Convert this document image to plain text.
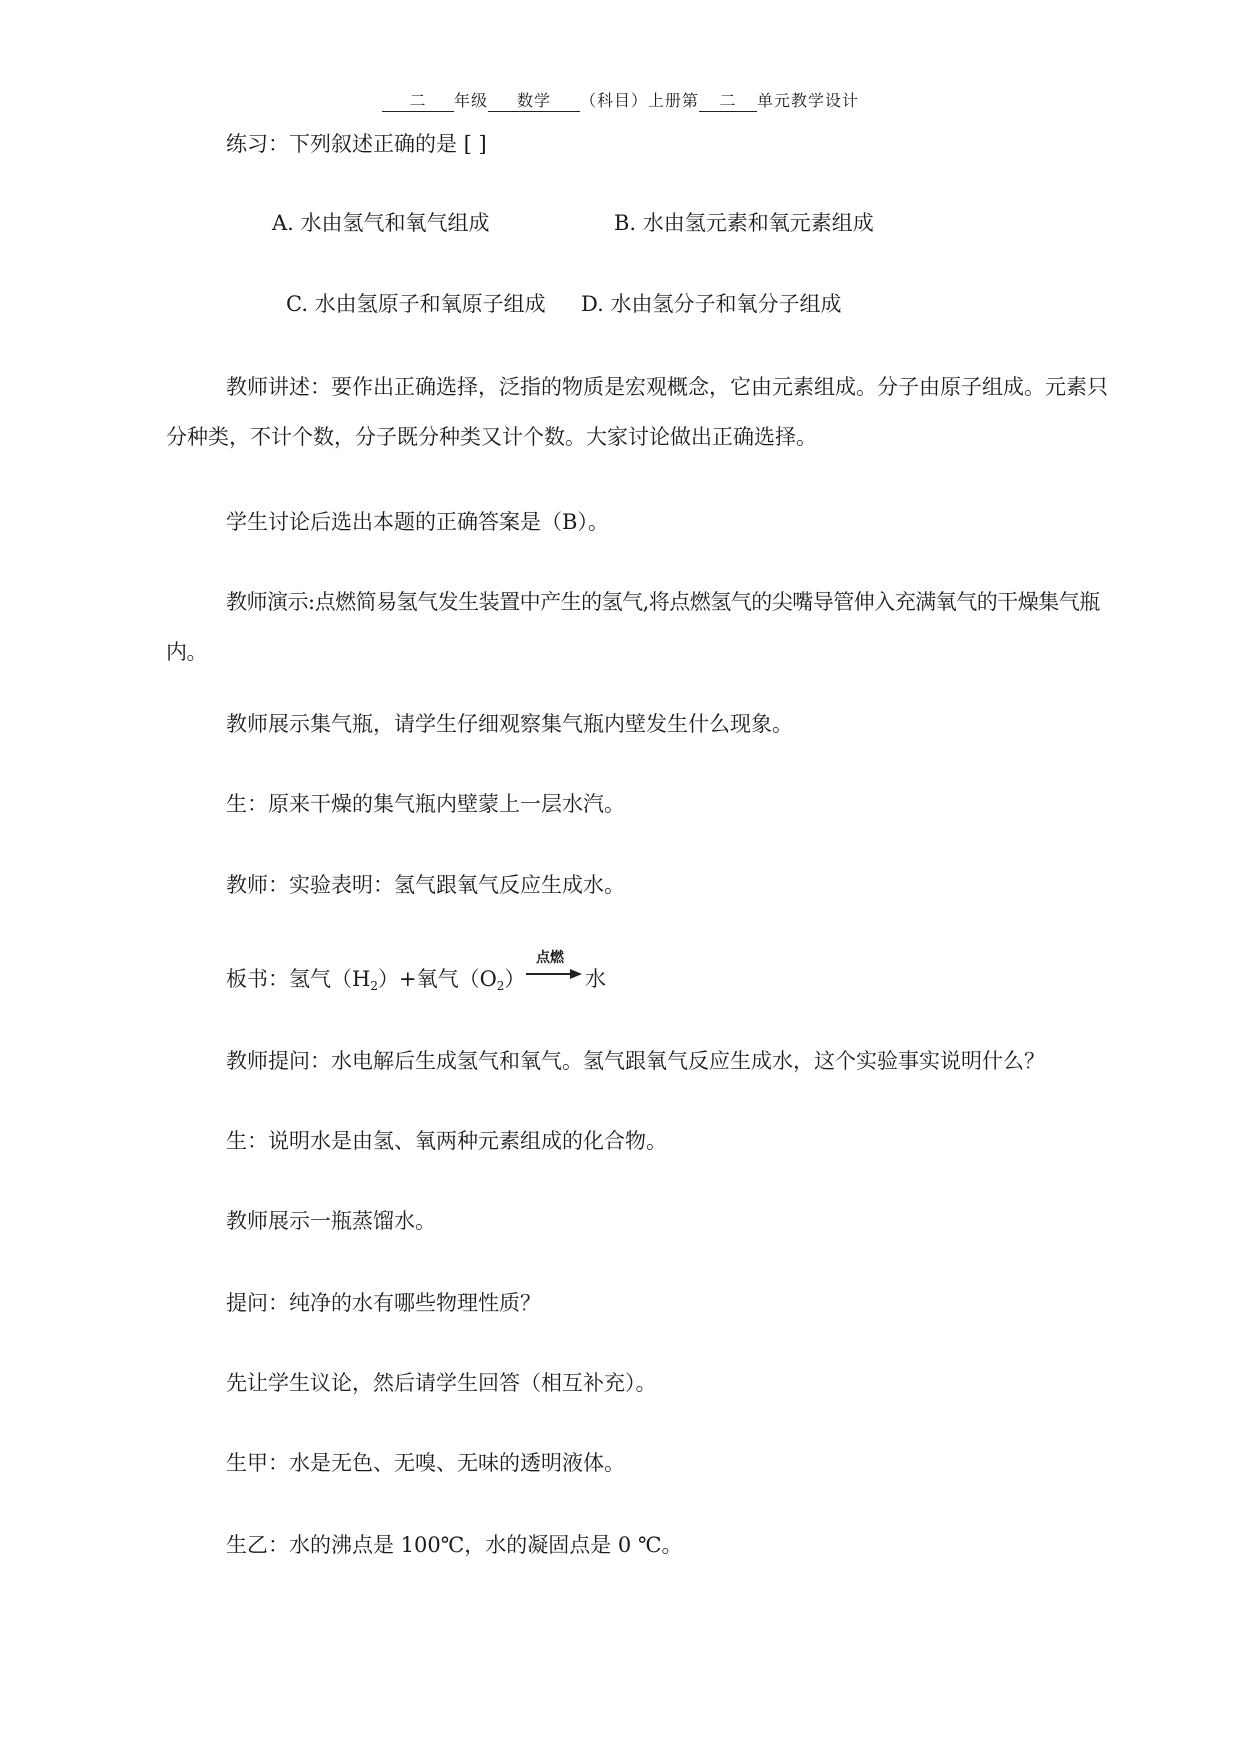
二 年级 数学 （科目）上册第 二 单元教学设计
练习：下列叙述正确的是 [ ]
A. 水由氢气和氧气组成	B. 水由氢元素和氧元素组成
C. 水由氢原子和氧原子组成 D. 水由氢分子和氧分子组成
教师讲述：要作出正确选择，泛指的物质是宏观概念，它由元素组成。分子由原子组成。元素只分种类，不计个数，分子既分种类又计个数。大家讨论做出正确选择。
学生讨论后选出本题的正确答案是（B）。
教师演示:点燃简易氢气发生装置中产生的氢气,将点燃氢气的尖嘴导管伸入充满氧气的干燥集气瓶内。
教师展示集气瓶，请学生仔细观察集气瓶内壁发生什么现象。
生：原来干燥的集气瓶内壁蒙上一层水汽。
教师：实验表明：氢气跟氧气反应生成水。
板书：氢气$(H_2)+$氧气$(O_2)$
点燃
水
教师提问：水电解后生成氢气和氧气。氢气跟氧气反应生成水，这个实验事实说明什么？
生：说明水是由氢、氧两种元素组成的化合物。
教师展示一瓶蒸馏水。
提问：纯净的水有哪些物理性质？
先让学生议论，然后请学生回答（相互补充）。
生甲：水是无色、无嗅、无味的透明液体。
生乙：水的沸点是 100℃，水的凝固点是 0 ℃。
